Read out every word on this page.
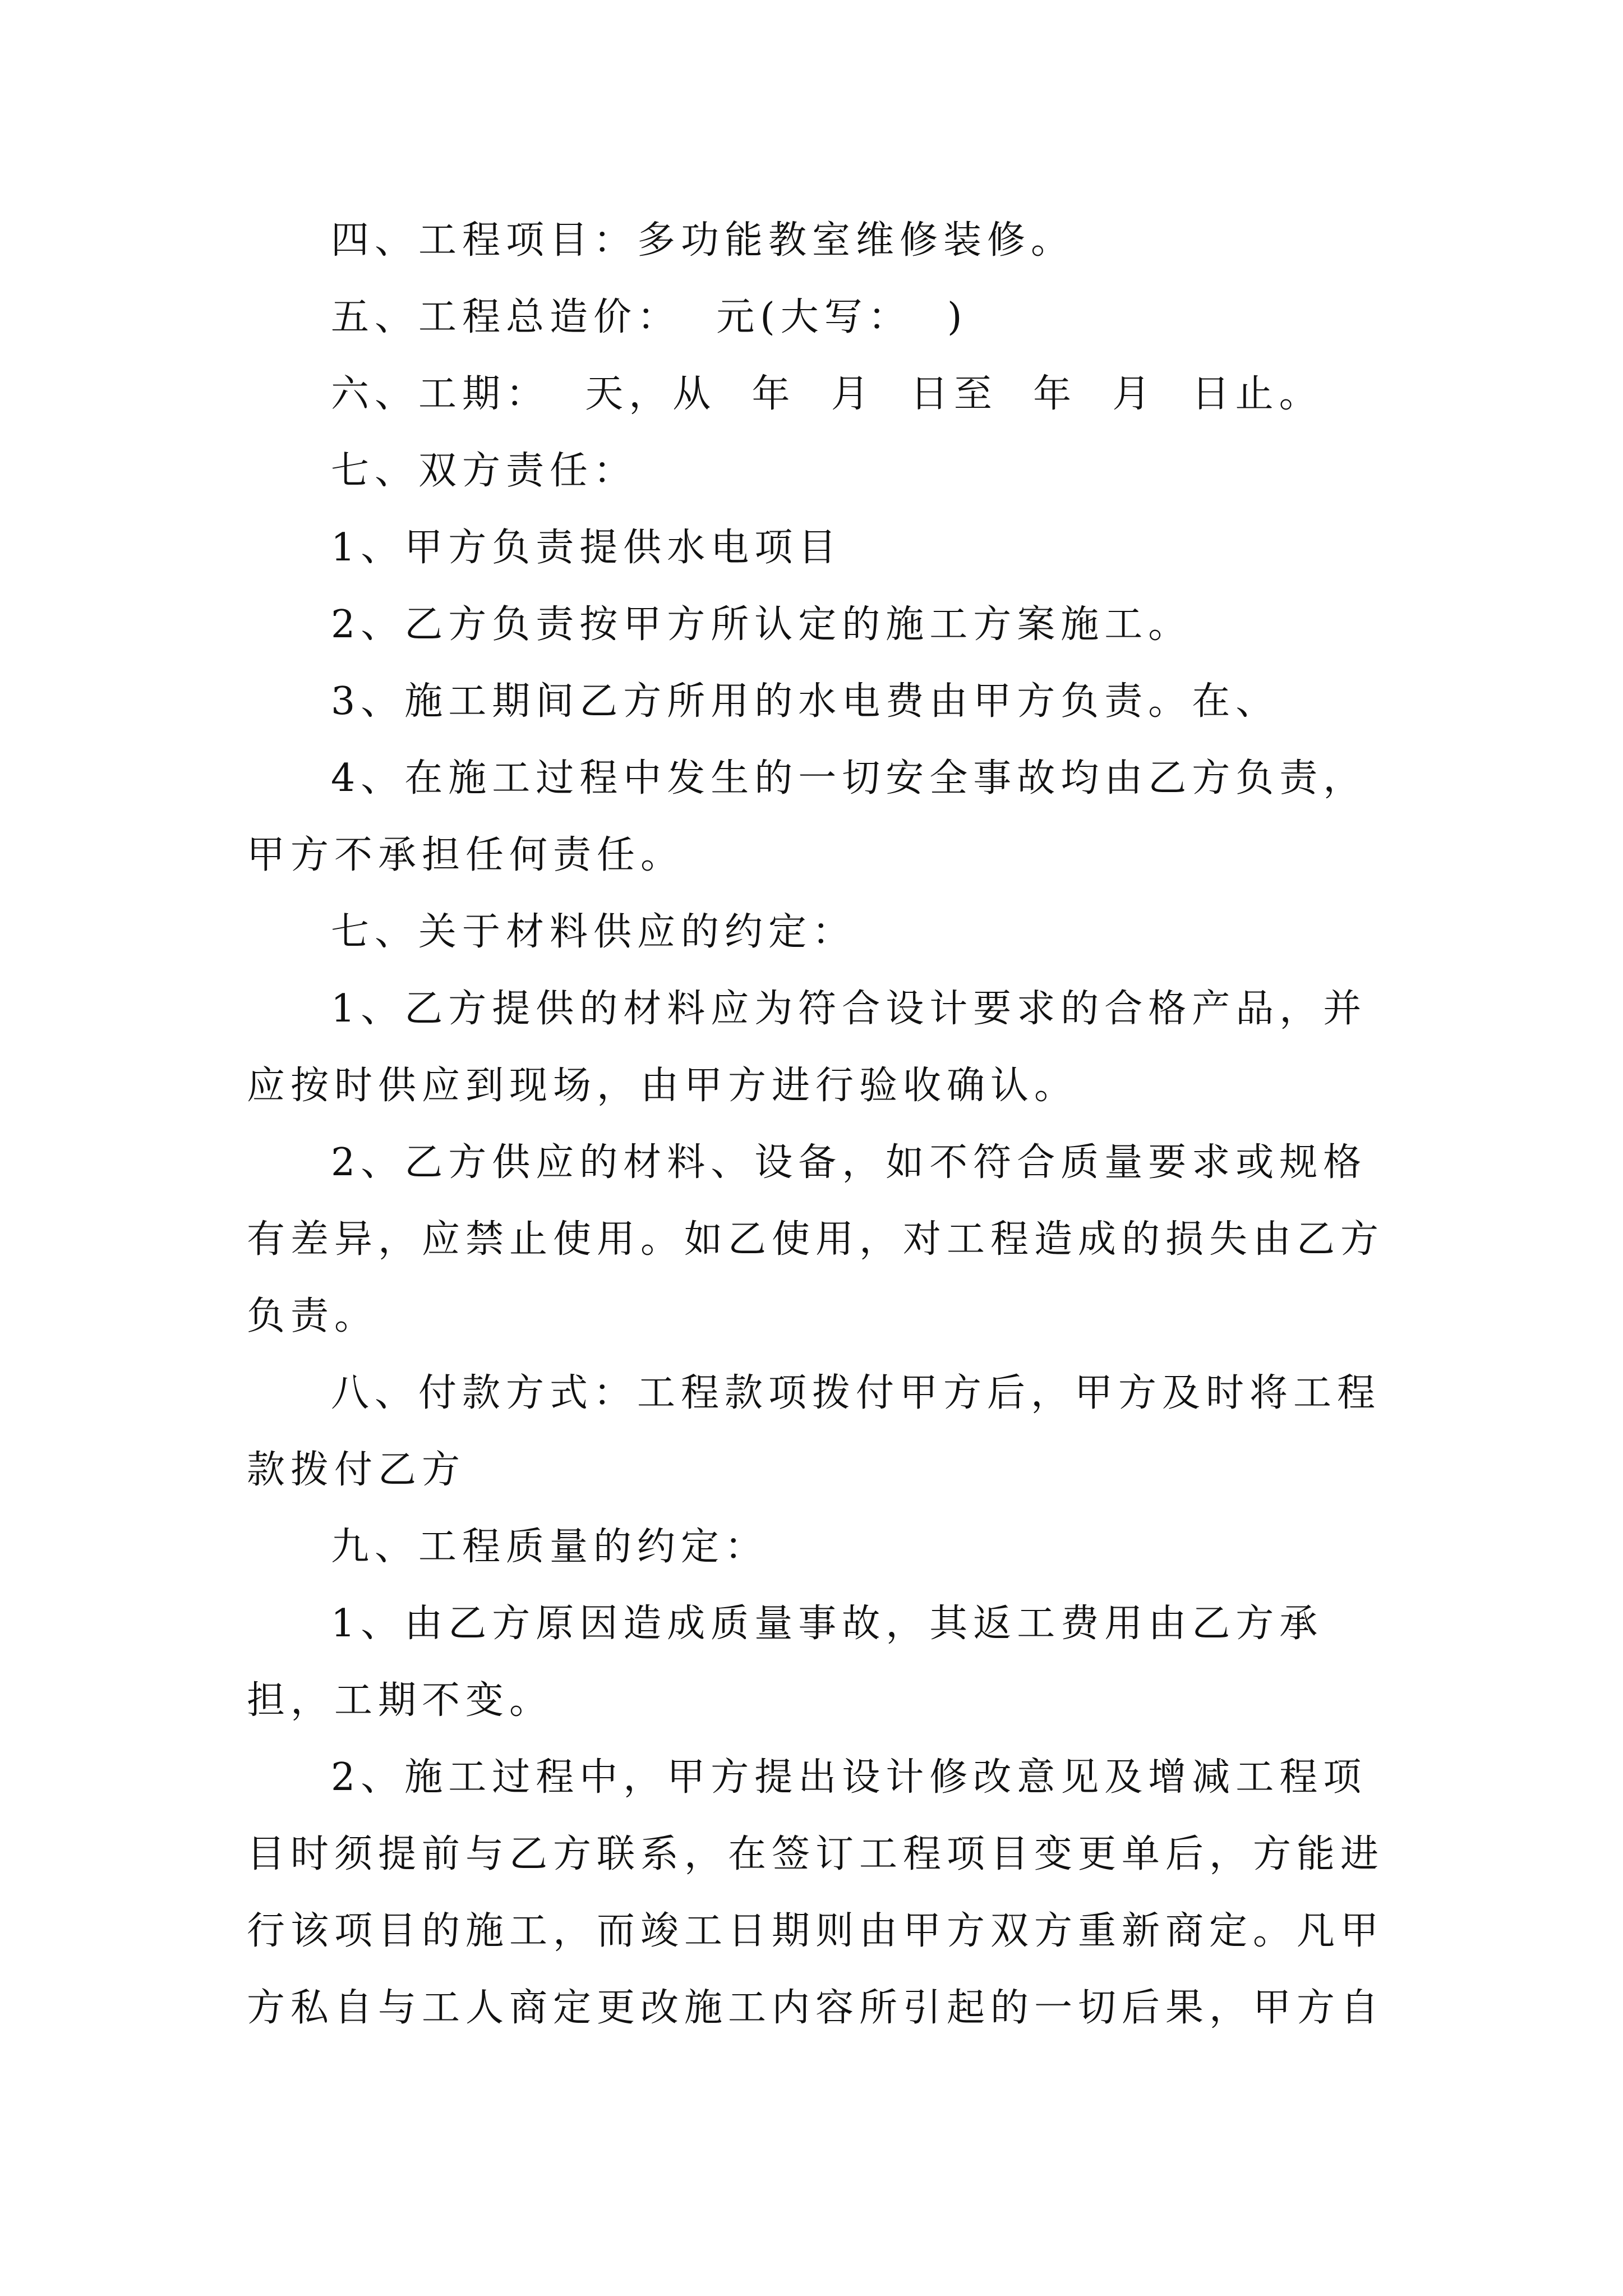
四、工程项目：多功能教室维修装修。

五、工程总造价：  元(大写：  )

六、工期：  天，从  年  月  日至  年  月  日止。

七、双方责任：

1、甲方负责提供水电项目

2、乙方负责按甲方所认定的施工方案施工。

3、施工期间乙方所用的水电费由甲方负责。在、

4、在施工过程中发生的一切安全事故均由乙方负责，甲方不承担任何责任。

七、关于材料供应的约定：

1、乙方提供的材料应为符合设计要求的合格产品，并应按时供应到现场，由甲方进行验收确认。

2、乙方供应的材料、设备，如不符合质量要求或规格有差异，应禁止使用。如乙使用，对工程造成的损失由乙方负责。

八、付款方式：工程款项拨付甲方后，甲方及时将工程款拨付乙方

九、工程质量的约定：

1、由乙方原因造成质量事故，其返工费用由乙方承担，工期不变。

2、施工过程中，甲方提出设计修改意见及增减工程项目时须提前与乙方联系，在签订工程项目变更单后，方能进行该项目的施工，而竣工日期则由甲方双方重新商定。凡甲方私自与工人商定更改施工内容所引起的一切后果，甲方自
